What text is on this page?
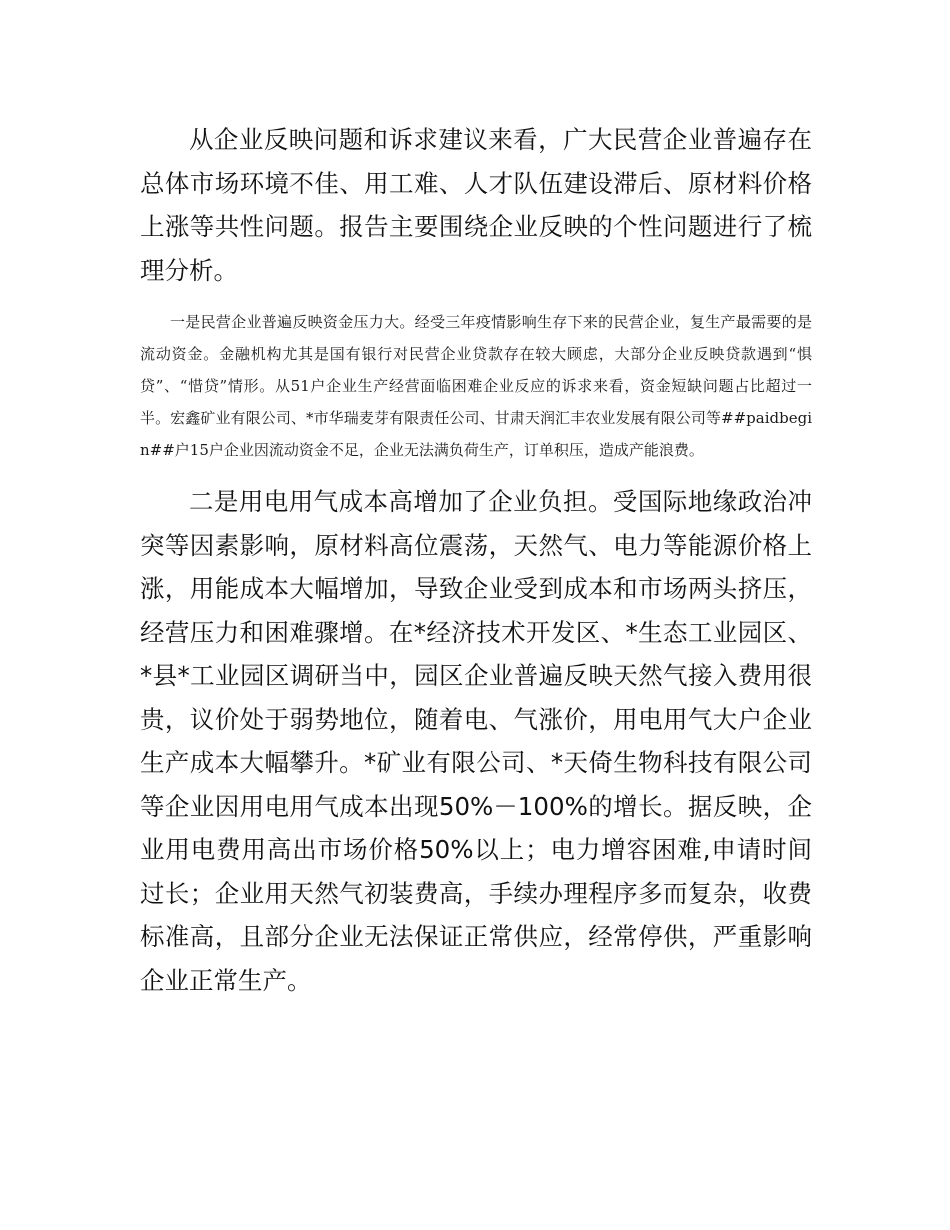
从企业反映问题和诉求建议来看，广大民营企业普遍存在总体市场环境不佳、用工难、人才队伍建设滞后、原材料价格上涨等共性问题。报告主要围绕企业反映的个性问题进行了梳理分析。

一是民营企业普遍反映资金压力大。经受三年疫情影响生存下来的民营企业，复生产最需要的是流动资金。金融机构尤其是国有银行对民营企业贷款存在较大顾虑，大部分企业反映贷款遇到“惧贷”、“惜贷”情形。从51户企业生产经营面临困难企业反应的诉求来看，资金短缺问题占比超过一半。宏鑫矿业有限公司、*市华瑞麦芽有限责任公司、甘肃天润汇丰农业发展有限公司等##paidbegin##户15户企业因流动资金不足，企业无法满负荷生产，订单积压，造成产能浪费。

二是用电用气成本高增加了企业负担。受国际地缘政治冲突等因素影响，原材料高位震荡，天然气、电力等能源价格上涨，用能成本大幅增加，导致企业受到成本和市场两头挤压，经营压力和困难骤增。在*经济技术开发区、*生态工业园区、*县*工业园区调研当中，园区企业普遍反映天然气接入费用很贵，议价处于弱势地位，随着电、气涨价，用电用气大户企业生产成本大幅攀升。*矿业有限公司、*天倚生物科技有限公司等企业因用电用气成本出现50%－100%的增长。据反映，企业用电费用高出市场价格50%以上；电力增容困难,申请时间过长；企业用天然气初装费高，手续办理程序多而复杂，收费标准高，且部分企业无法保证正常供应，经常停供，严重影响企业正常生产。
